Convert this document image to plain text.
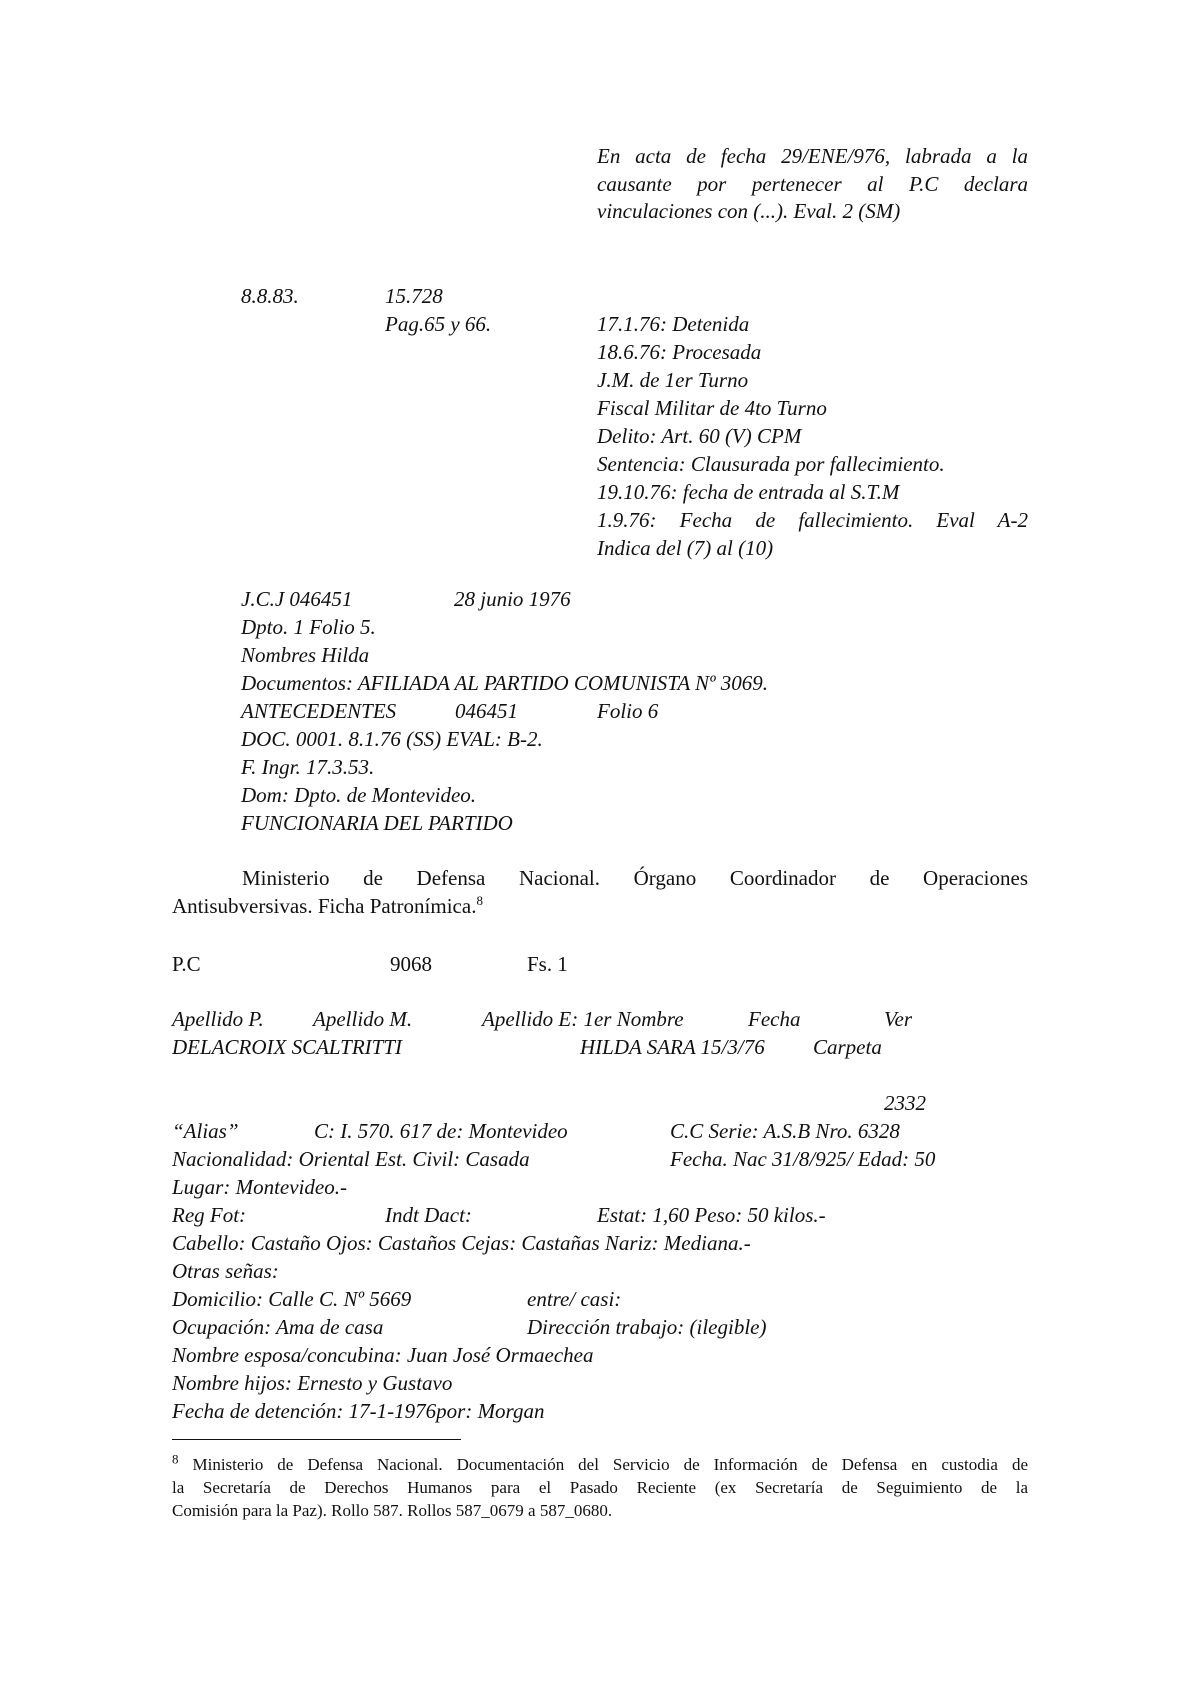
En acta de fecha 29/ENE/976, labrada a la
causante por pertenecer al P.C declara
vinculaciones con (...). Eval. 2 (SM)
8.8.83.	15.728
Pag.65 y 66.	17.1.76: Detenida
18.6.76: Procesada
J.M. de 1er Turno
Fiscal Militar de 4to Turno
Delito: Art. 60 (V) CPM
Sentencia: Clausurada por fallecimiento.
19.10.76: fecha de entrada al S.T.M
1.9.76: Fecha de fallecimiento. Eval A-2
Indica del (7) al (10)
J.C.J 046451	28 junio 1976
Dpto. 1 Folio 5.
Nombres Hilda
Documentos: AFILIADA AL PARTIDO COMUNISTA Nº 3069.
ANTECEDENTES	046451	Folio 6
DOC. 0001. 8.1.76 (SS) EVAL: B-2.
F. Ingr. 17.3.53.
Dom: Dpto. de Montevideo.
FUNCIONARIA DEL PARTIDO
Ministerio de Defensa Nacional. Órgano Coordinador de Operaciones
Antisubversivas. Ficha Patronímica.$^8$
P.C	9068	Fs. 1
Apellido P. Apellido M.	Apellido E: 1er Nombre	Fecha	Ver
DELACROIX SCALTRITTI	HILDA SARA 15/3/76 Carpeta
2332
“Alias”	C: I. 570. 617 de: Montevideo	C.C Serie: A.S.B Nro. 6328
Nacionalidad: Oriental Est. Civil: Casada	Fecha. Nac 31/8/925/ Edad: 50
Lugar: Montevideo.-
Reg Fot:	Indt Dact:	Estat: 1,60 Peso: 50 kilos.-
Cabello: Castaño Ojos: Castaños Cejas: Castañas Nariz: Mediana.-
Otras señas:
Domicilio: Calle C. Nº 5669	entre/ casi:
Ocupación: Ama de casa	Dirección trabajo: (ilegible)
Nombre esposa/concubina: Juan José Ormaechea
Nombre hijos: Ernesto y Gustavo
Fecha de detención: 17-1-1976por: Morgan
$^8$ Ministerio de Defensa Nacional. Documentación del Servicio de Información de Defensa en custodia de
la Secretaría de Derechos Humanos para el Pasado Reciente (ex Secretaría de Seguimiento de la
Comisión para la Paz). Rollo 587. Rollos 587_0679 a 587_0680.
